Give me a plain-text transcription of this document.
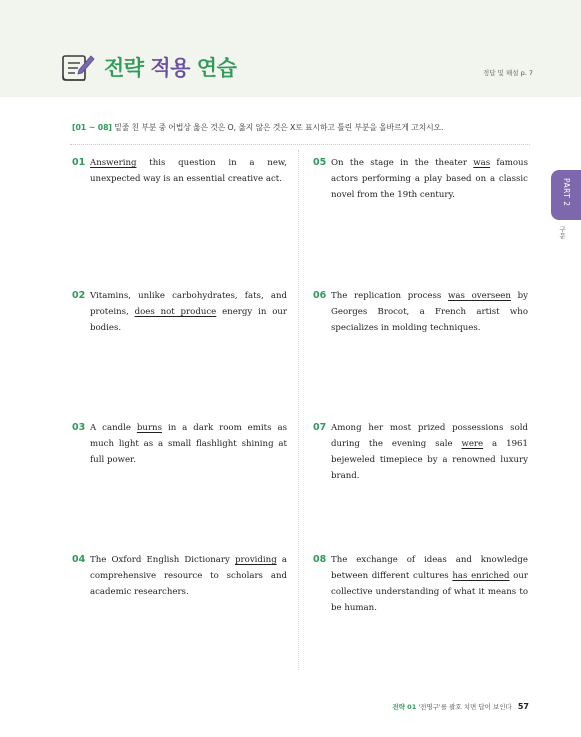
전략 적용 연습	정답 및 해설 p. 7
[01 ~ 08] 밑줄 친 부분 중 어법상 옳은 것은 O, 옳지 않은 것은 X로 표시하고 틀린 부분을 올바르게 고치시오.
01 Answering this question in a new, unexpected way is an essential creative act.
02 Vitamins, unlike carbohydrates, fats, and proteins, does not produce energy in our bodies.
03 A candle burns in a dark room emits as much light as a small flashlight shining at full power.
04 The Oxford English Dictionary providing a comprehensive resource to scholars and academic researchers.
05 On the stage in the theater was famous actors performing a play based on a classic novel from the 19th century.
06 The replication process was overseen by Georges Brocot, a French artist who specializes in molding techniques.
07 Among her most prized possessions sold during the evening sale were a 1961 bejeweled timepiece by a renowned luxury brand.
08 The exchange of ideas and knowledge between different cultures has enriched our collective understanding of what it means to be human.
PART 2
구문
전략 01 '전명구'를 괄호 치면 답이 보인다 57
